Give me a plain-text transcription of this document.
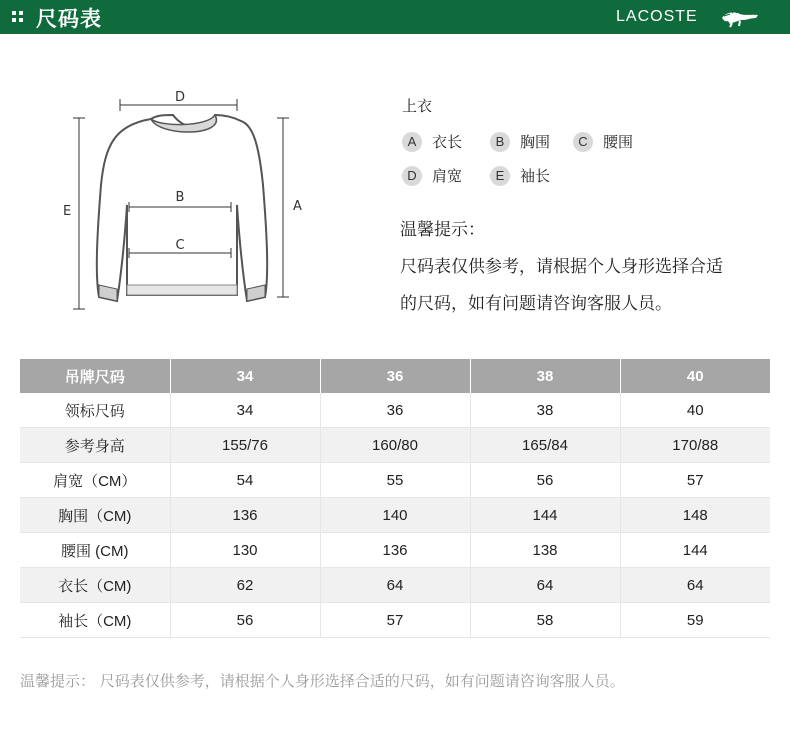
尺码表	LACOSTE
D
B
C
A
E
上衣
A	衣长	B	胸围	C	腰围
D	肩宽	E	袖长
温馨提示：
尺码表仅供参考，请根据个人身形选择合适
的尺码，如有问题请咨询客服人员。
吊牌尺码	34	36	38	40
领标尺码	34	36	38	40
参考身高	155/76	160/80	165/84	170/88
肩宽（CM）	54	55	56	57
胸围（CM)	136	140	144	148
腰围 (CM)	130	136	138	144
衣长（CM)	62	64	64	64
袖长（CM)	56	57	58	59
温馨提示： 尺码表仅供参考，请根据个人身形选择合适的尺码，如有问题请咨询客服人员。
